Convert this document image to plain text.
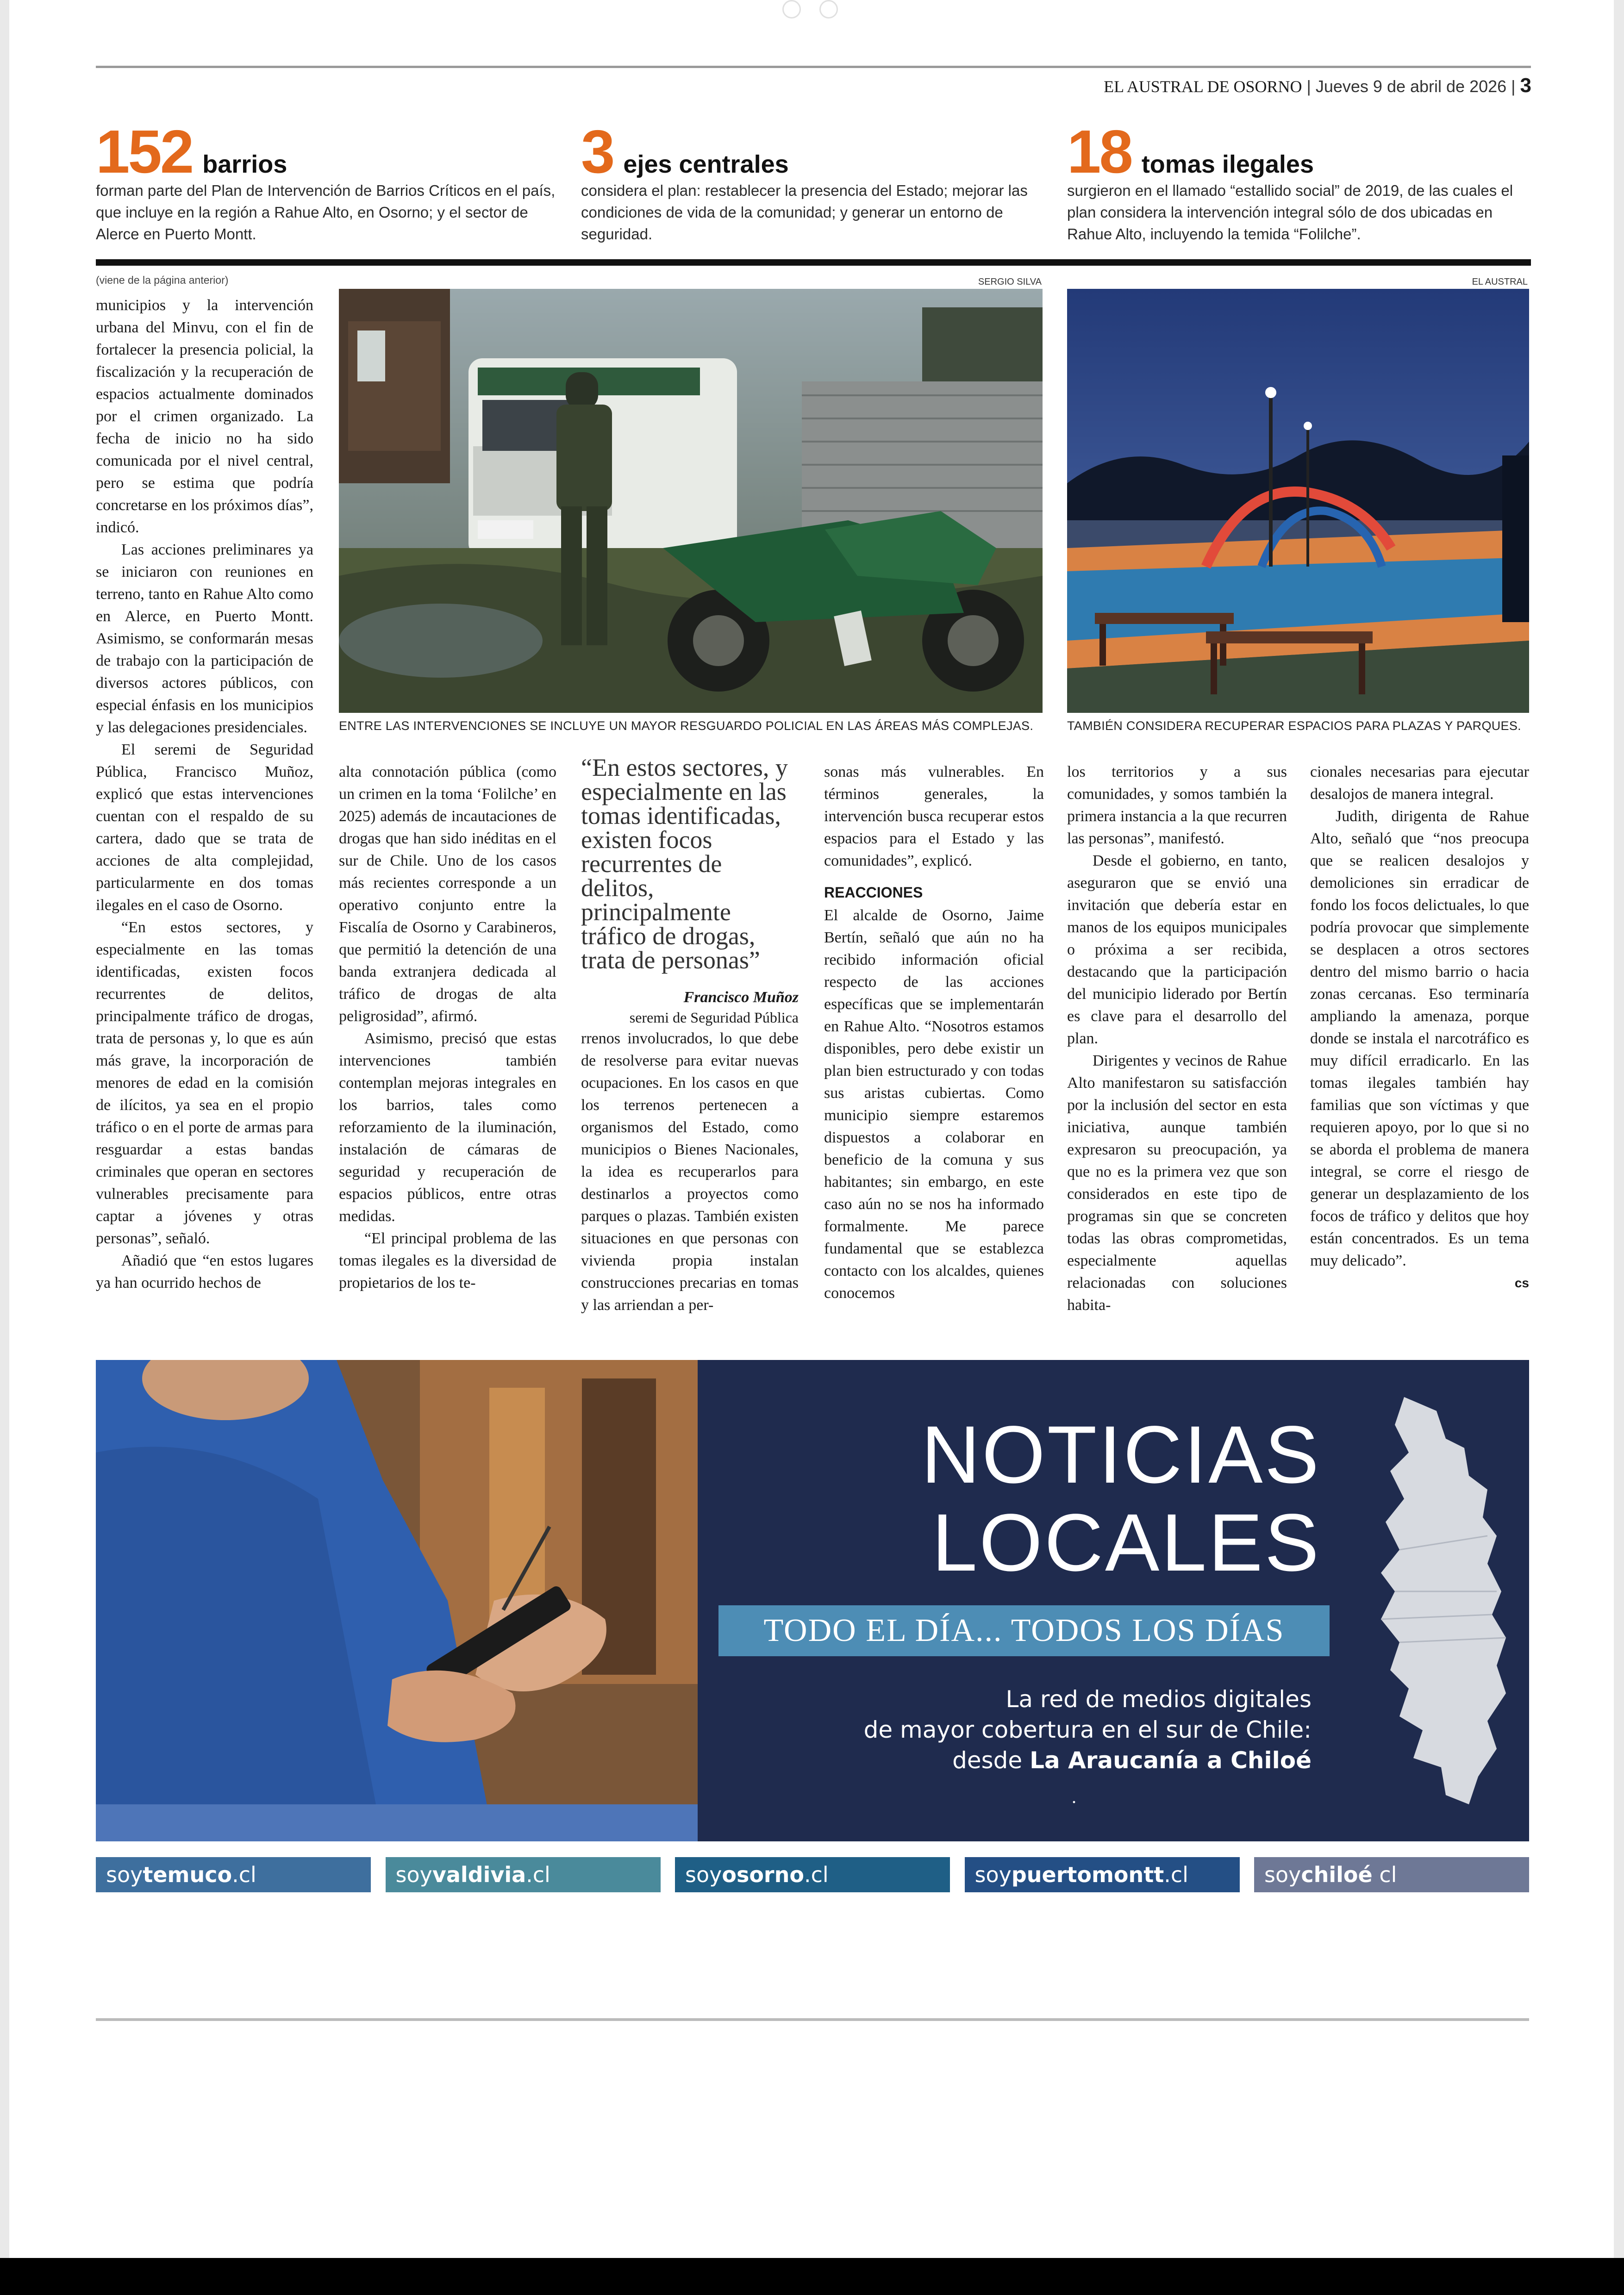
EL AUSTRAL DE OSORNO | Jueves 9 de abril de 2026 | 3
152 barrios
forman parte del Plan de Intervención de Barrios Críticos en el país, que incluye en la región a Rahue Alto, en Osorno; y el sector de Alerce en Puerto Montt.
3 ejes centrales
considera el plan: restablecer la presencia del Estado; mejorar las condiciones de vida de la comunidad; y generar un entorno de seguridad.
18 tomas ilegales
surgieron en el llamado “estallido social” de 2019, de las cuales el plan considera la intervención integral sólo de dos ubicadas en Rahue Alto, incluyendo la temida “Folilche”.
(viene de la página anterior)	SERGIO SILVA
ENTRE LAS INTERVENCIONES SE INCLUYE UN MAYOR RESGUARDO POLICIAL EN LAS ÁREAS MÁS COMPLEJAS.
EL AUSTRAL
TAMBIÉN CONSIDERA RECUPERAR ESPACIOS PARA PLAZAS Y PARQUES.

municipios y la intervención urbana del Minvu, con el fin de fortalecer la presencia policial, la fiscalización y la recuperación de espacios actualmente dominados por el crimen organizado. La fecha de inicio no ha sido comunicada por el nivel central, pero se estima que podría concretarse en los próximos días”, indicó.

Las acciones preliminares ya se iniciaron con reuniones en terreno, tanto en Rahue Alto como en Alerce, en Puerto Montt. Asimismo, se conformarán mesas de trabajo con la participación de diversos actores públicos, con especial énfasis en los municipios y las delegaciones presidenciales.

El seremi de Seguridad Pública, Francisco Muñoz, explicó que estas intervenciones cuentan con el respaldo de su cartera, dado que se trata de acciones de alta complejidad, particularmente en dos tomas ilegales en el caso de Osorno.

“En estos sectores, y especialmente en las tomas identificadas, existen focos recurrentes de delitos, principalmente tráfico de drogas, trata de personas y, lo que es aún más grave, la incorporación de menores de edad en la comisión de ilícitos, ya sea en el propio tráfico o en el porte de armas para resguardar a estas bandas criminales que operan en sectores vulnerables precisamente para captar a jóvenes y otras personas”, señaló.

Añadió que “en estos lugares ya han ocurrido hechos de

alta connotación pública (como un crimen en la toma ‘Folilche’ en 2025) además de incautaciones de drogas que han sido inéditas en el sur de Chile. Uno de los casos más recientes corresponde a un operativo conjunto entre la Fiscalía de Osorno y Carabineros, que permitió la detención de una banda extranjera dedicada al tráfico de drogas de alta peligrosidad”, afirmó.

Asimismo, precisó que estas intervenciones también contemplan mejoras integrales en los barrios, tales como reforzamiento de la iluminación, instalación de cámaras de seguridad y recuperación de espacios públicos, entre otras medidas.

“El principal problema de las tomas ilegales es la diversidad de propietarios de los te-

“En estos sectores, y especialmente en las tomas identificadas, existen focos recurrentes de delitos, principalmente tráfico de drogas, trata de personas”
Francisco Muñoz
seremi de Seguridad Pública

rrenos involucrados, lo que debe de resolverse para evitar nuevas ocupaciones. En los casos en que los terrenos pertenecen a organismos del Estado, como municipios o Bienes Nacionales, la idea es recuperarlos para destinarlos a proyectos como parques o plazas. También existen situaciones en que personas con vivienda propia instalan construcciones precarias en tomas y las arriendan a per-

sonas más vulnerables. En términos generales, la intervención busca recuperar estos espacios para el Estado y las comunidades”, explicó.

REACCIONES

El alcalde de Osorno, Jaime Bertín, señaló que aún no ha recibido información oficial respecto de las acciones específicas que se implementarán en Rahue Alto. “Nosotros estamos disponibles, pero debe existir un plan bien estructurado y con todas sus aristas cubiertas. Como municipio siempre estaremos dispuestos a colaborar en beneficio de la comuna y sus habitantes; sin embargo, en este caso aún no se nos ha informado formalmente. Me parece fundamental que se establezca contacto con los alcaldes, quienes conocemos

los territorios y a sus comunidades, y somos también la primera instancia a la que recurren las personas”, manifestó.

Desde el gobierno, en tanto, aseguraron que se envió una invitación que debería estar en manos de los equipos municipales o próxima a ser recibida, destacando que la participación del municipio liderado por Bertín es clave para el desarrollo del plan.

Dirigentes y vecinos de Rahue Alto manifestaron su satisfacción por la inclusión del sector en esta iniciativa, aunque también expresaron su preocupación, ya que no es la primera vez que son considerados en este tipo de programas sin que se concreten todas las obras comprometidas, especialmente aquellas relacionadas con soluciones habita-

cionales necesarias para ejecutar desalojos de manera integral.

Judith, dirigenta de Rahue Alto, señaló que “nos preocupa que se realicen desalojos y demoliciones sin erradicar de fondo los focos delictuales, lo que podría provocar que simplemente se desplacen a otros sectores dentro del mismo barrio o hacia zonas cercanas. Eso terminaría ampliando la amenaza, porque donde se instala el narcotráfico es muy difícil erradicarlo. En las tomas ilegales también hay familias que son víctimas y que requieren apoyo, por lo que si no se aborda el problema de manera integral, se corre el riesgo de generar un desplazamiento de los focos de tráfico y delitos que hoy están concentrados. Es un tema muy delicado”.

cs
NOTICIAS
LOCALES
TODO EL DÍA... TODOS LOS DÍAS
La red de medios digitales
de mayor cobertura en el sur de Chile:
desde La Araucanía a Chiloé
.
soytemuco.cl	soyvaldivia.cl	soyosorno.cl	soypuertomontt.cl	soychiloé cl
